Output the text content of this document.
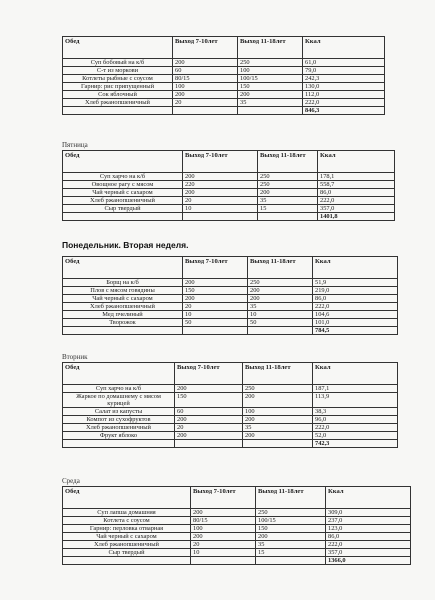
Обед	Выход 7-10лет	Выход 11-18лет	Ккал
Суп бобовый на к/б	200	250	61,0
С-т из моркови	60	100	79,0
Котлеты рыбные с соусом	80/15	100/15	242,3
Гарнир: рис припущенный	100	150	130,0
Сок яблочный	200	200	112,0
Хлеб ржанопшеничный	20	35	222,0
			846,3
Пятница
Обед	Выход 7-10лет	Выход 11-18лет	Ккал
Суп харчо на к/б	200	250	178,1
Овощное рагу с мясом	220	250	558,7
Чай черный с сахаром	200	200	86,0
Хлеб ржанопшеничный	20	35	222,0
Сыр твердый	10	15	357,0
			1401,8
Понедельник. Вторая неделя.
Обед	Выход 7-10лет	Выход 11-18лет	Ккал
Борщ на к/б	200	250	51,9
Плов с мясом говядины	150	200	219,0
Чай черный с сахаром	200	200	86,0
Хлеб ржанопшеничный	20	35	222,0
Мед пчелиный	10	10	104,6
Творожок	50	50	101,0
			784,5
Вторник
Обед	Выход 7-10лет	Выход 11-18лет	Ккал
Суп харчо на к/б	200	250	187,1
Жаркое по домашнему с мясом курицей	150	200	113,9
Салат из капусты	60	100	38,3
Компот из сухофруктов	200	200	96,0
Хлеб ржанопшеничный	20	35	222,0
Фрукт яблоко	200	200	52,0
			742,3
Среда
Обед	Выход 7-10лет	Выход 11-18лет	Ккал
Суп лапша домашняя	200	250	309,0
Котлета с соусом	80/15	100/15	237,0
Гарнир: перловка отварная	100	150	123,0
Чай черный с сахаром	200	200	86,0
Хлеб ржанопшеничный	20	35	222,0
Сыр твердый	10	15	357,0
			1366,0
